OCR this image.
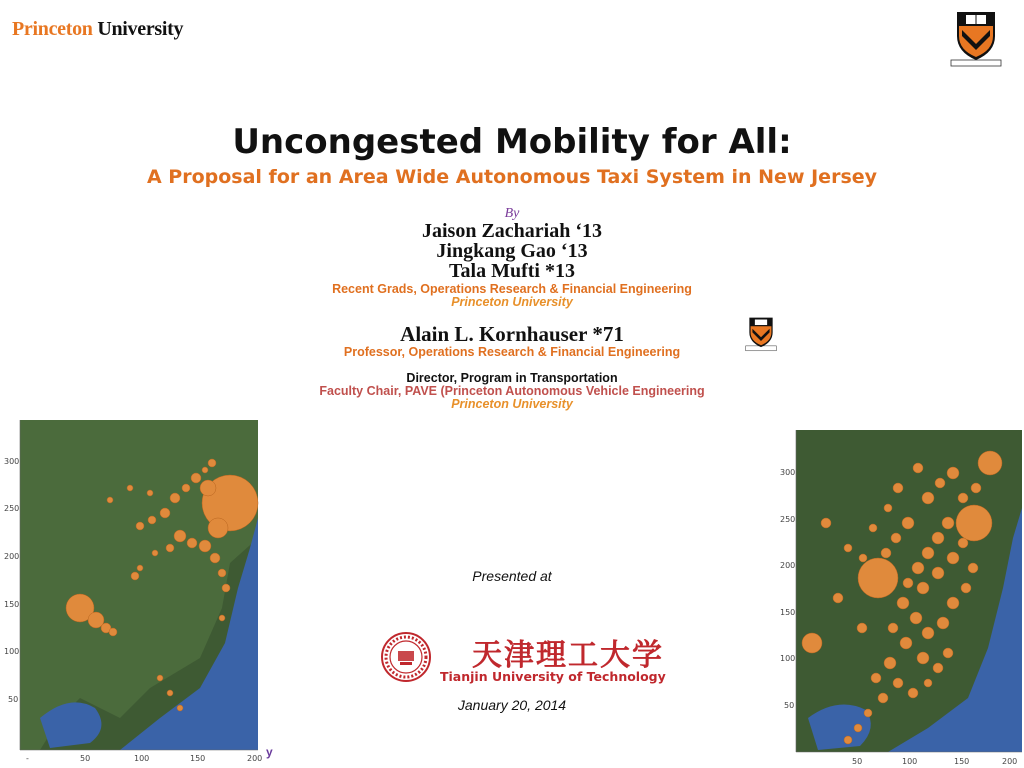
Princeton University
Uncongested Mobility for All:
A Proposal for an Area Wide Autonomous Taxi System in New Jersey
By
Jaison Zachariah ‘13
Jingkang Gao ‘13
Tala Mufti *13
Recent Grads, Operations Research & Financial Engineering
Princeton University
Alain L. Kornhauser *71
Professor, Operations Research & Financial Engineering
Director, Program in Transportation
Faculty Chair, PAVE (Princeton Autonomous Vehicle Engineering
Princeton University
Presented at
天津理工大学
Tianjin University of Technology
January 20, 2014
300
250
200
150
100
50
-	50	100	150	200 y
300
250
200
150
100
50
50	100	150	200
